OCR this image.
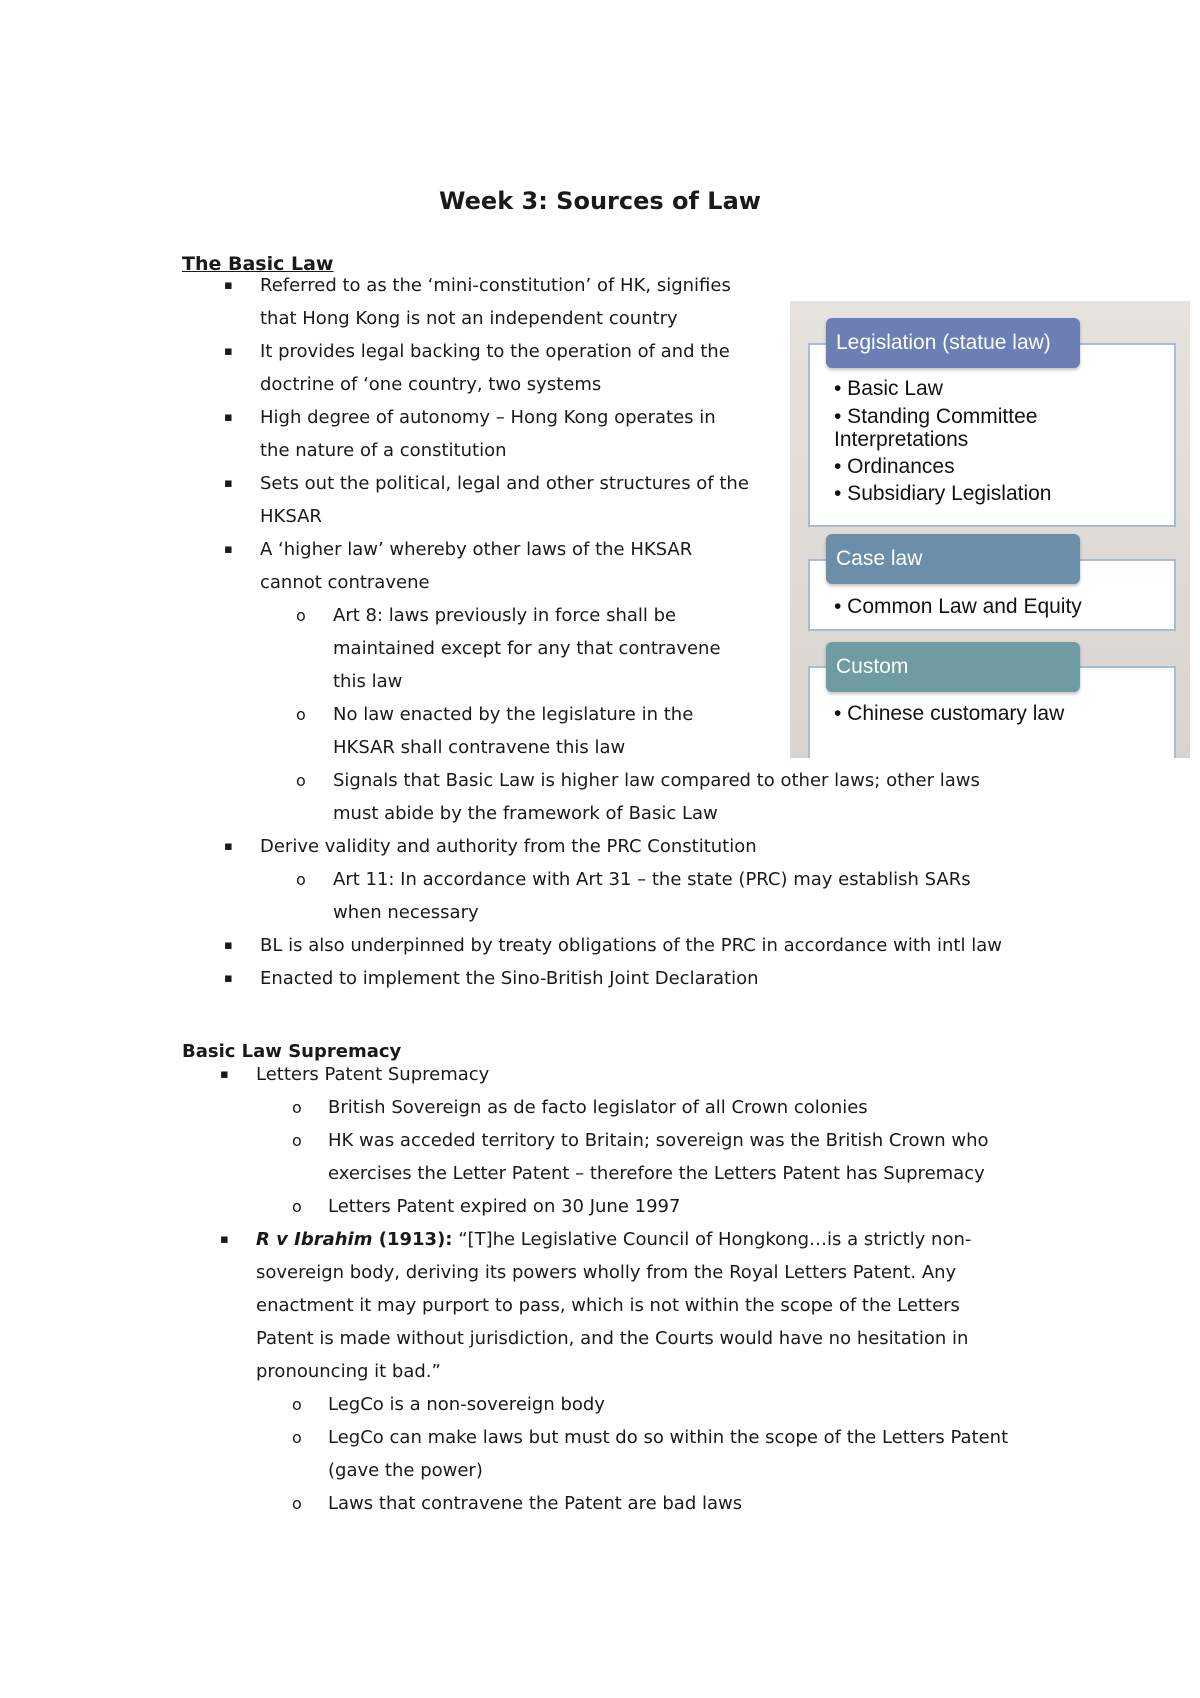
Week 3: Sources of Law
The Basic Law
▪ Referred to as the ‘mini-constitution’ of HK, signifies
that Hong Kong is not an independent country
▪ It provides legal backing to the operation of and the
doctrine of ‘one country, two systems
▪ High degree of autonomy – Hong Kong operates in
the nature of a constitution
▪ Sets out the political, legal and other structures of the
HKSAR
▪ A ‘higher law’ whereby other laws of the HKSAR
cannot contravene
o Art 8: laws previously in force shall be
maintained except for any that contravene
this law
o No law enacted by the legislature in the
HKSAR shall contravene this law
o Signals that Basic Law is higher law compared to other laws; other laws
must abide by the framework of Basic Law
▪ Derive validity and authority from the PRC Constitution
o Art 11: In accordance with Art 31 – the state (PRC) may establish SARs
when necessary
▪ BL is also underpinned by treaty obligations of the PRC in accordance with intl law
▪ Enacted to implement the Sino-British Joint Declaration
Basic Law Supremacy
▪ Letters Patent Supremacy
o British Sovereign as de facto legislator of all Crown colonies
o HK was acceded territory to Britain; sovereign was the British Crown who
exercises the Letter Patent – therefore the Letters Patent has Supremacy
o Letters Patent expired on 30 June 1997
▪ R v Ibrahim (1913): “[T]he Legislative Council of Hongkong…is a strictly non-
sovereign body, deriving its powers wholly from the Royal Letters Patent. Any
enactment it may purport to pass, which is not within the scope of the Letters
Patent is made without jurisdiction, and the Courts would have no hesitation in
pronouncing it bad.”
o LegCo is a non-sovereign body
o LegCo can make laws but must do so within the scope of the Letters Patent
(gave the power)
o Laws that contravene the Patent are bad laws
Legislation (statue law)
• Basic Law
• Standing Committee
Interpretations
• Ordinances
• Subsidiary Legislation
Case law
• Common Law and Equity
Custom
• Chinese customary law
